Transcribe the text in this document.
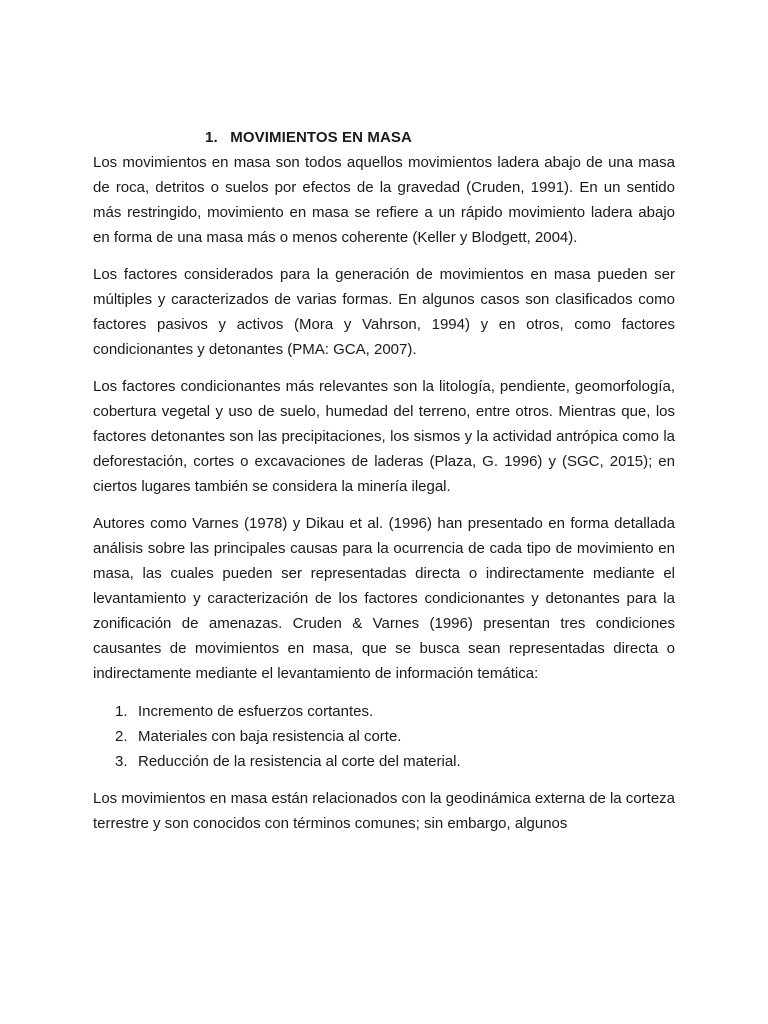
1. MOVIMIENTOS EN MASA

Los movimientos en masa son todos aquellos movimientos ladera abajo de una masa de roca, detritos o suelos por efectos de la gravedad (Cruden, 1991). En un sentido más restringido, movimiento en masa se refiere a un rápido movimiento ladera abajo en forma de una masa más o menos coherente (Keller y Blodgett, 2004).

Los factores considerados para la generación de movimientos en masa pueden ser múltiples y caracterizados de varias formas. En algunos casos son clasificados como factores pasivos y activos (Mora y Vahrson, 1994) y en otros, como factores condicionantes y detonantes (PMA: GCA, 2007).

Los factores condicionantes más relevantes son la litología, pendiente, geomorfología, cobertura vegetal y uso de suelo, humedad del terreno, entre otros. Mientras que, los factores detonantes son las precipitaciones, los sismos y la actividad antrópica como la deforestación, cortes o excavaciones de laderas (Plaza, G. 1996) y (SGC, 2015); en ciertos lugares también se considera la minería ilegal.

Autores como Varnes (1978) y Dikau et al. (1996) han presentado en forma detallada análisis sobre las principales causas para la ocurrencia de cada tipo de movimiento en masa, las cuales pueden ser representadas directa o indirectamente mediante el levantamiento y caracterización de los factores condicionantes y detonantes para la zonificación de amenazas. Cruden & Varnes (1996) presentan tres condiciones causantes de movimientos en masa, que se busca sean representadas directa o indirectamente mediante el levantamiento de información temática:

1. Incremento de esfuerzos cortantes.
2. Materiales con baja resistencia al corte.
3. Reducción de la resistencia al corte del material.

Los movimientos en masa están relacionados con la geodinámica externa de la corteza terrestre y son conocidos con términos comunes; sin embargo, algunos
